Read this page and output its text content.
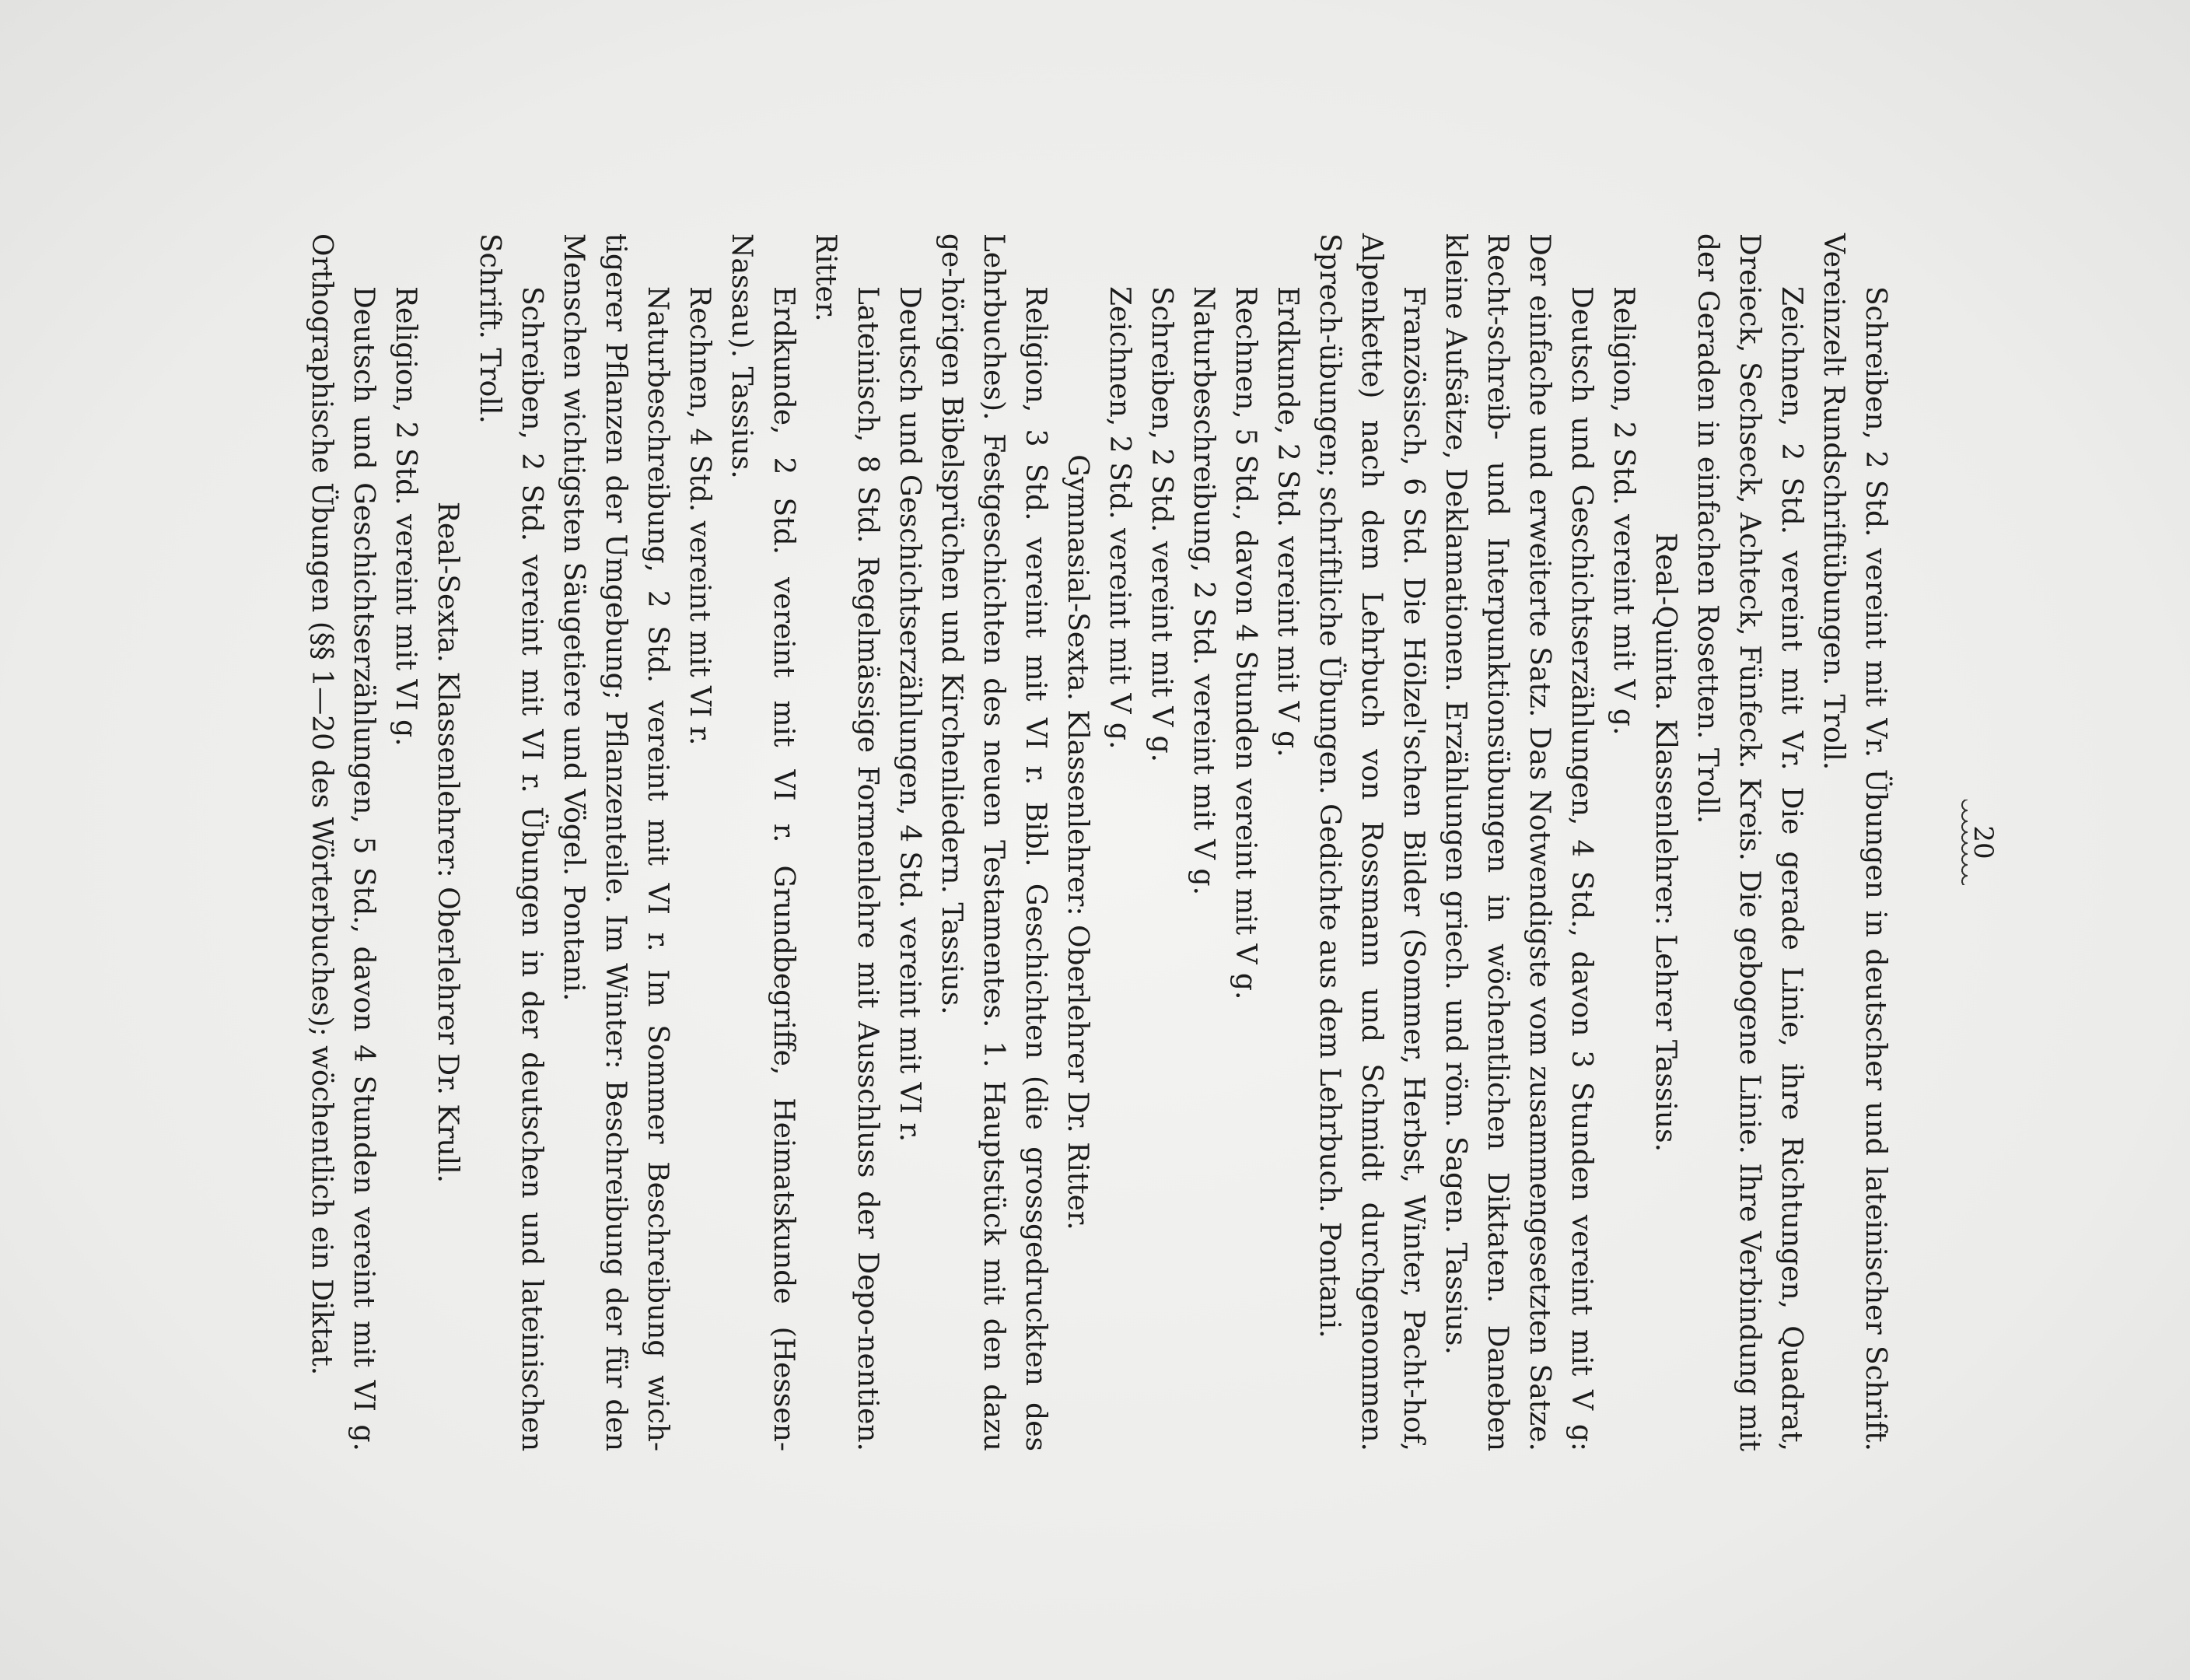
20

Schreiben, 2 Std. vereint mit Vr. Übungen in deutscher und lateinischer Schrift. Vereinzelt Rundschriftübungen. Troll.

Zeichnen, 2 Std. vereint mit Vr. Die gerade Linie, ihre Richtungen, Quadrat, Dreieck, Sechseck, Achteck, Fünfeck. Kreis. Die gebogene Linie. Ihre Verbindung mit der Geraden in einfachen Rosetten. Troll.

Real-Quinta. Klassenlehrer: Lehrer Tassius.

Religion, 2 Std. vereint mit V g.

Deutsch und Geschichtserzählungen, 4 Std., davon 3 Stunden vereint mit V g: Der einfache und erweiterte Satz. Das Notwendigste vom zusammengesetzten Satze. Recht-schreib- und Interpunktionsübungen in wöchentlichen Diktaten. Daneben kleine Aufsätze, Deklamationen. Erzählungen griech. und röm. Sagen. Tassius.

Französisch, 6 Std. Die Hölzel'schen Bilder (Sommer, Herbst, Winter, Pacht-hof, Alpenkette) nach dem Lehrbuch von Rossmann und Schmidt durchgenommen. Sprech-übungen; schriftliche Übungen. Gedichte aus dem Lehrbuch. Pontani.

Erdkunde, 2 Std. vereint mit V g.

Rechnen, 5 Std., davon 4 Stunden vereint mit V g.

Naturbeschreibung, 2 Std. vereint mit V g.

Schreiben, 2 Std. vereint mit V g.

Zeichnen, 2 Std. vereint mit V g.

Gymnasial-Sexta. Klassenlehrer: Oberlehrer Dr. Ritter.

Religion, 3 Std. vereint mit VI r. Bibl. Geschichten (die grossgedruckten des Lehrbuches). Festgeschichten des neuen Testamentes. 1. Hauptstück mit den dazu ge-hörigen Bibelsprüchen und Kirchenliedern. Tassius.

Deutsch und Geschichtserzählungen, 4 Std. vereint mit VI r.

Lateinisch, 8 Std. Regelmässige Formenlehre mit Ausschluss der Depo-nentien. Ritter.

Erdkunde, 2 Std. vereint mit VI r. Grundbegriffe, Heimatskunde (Hessen-Nassau). Tassius.

Rechnen, 4 Std. vereint mit VI r.

Naturbeschreibung, 2 Std. vereint mit VI r. Im Sommer Beschreibung wich-tigerer Pflanzen der Umgebung; Pflanzenteile. Im Winter: Beschreibung der für den Menschen wichtigsten Säugetiere und Vögel. Pontani.

Schreiben, 2 Std. vereint mit VI r. Übungen in der deutschen und lateinischen Schrift. Troll.

Real-Sexta. Klassenlehrer: Oberlehrer Dr. Krull.

Religion, 2 Std. vereint mit VI g.

Deutsch und Geschichtserzählungen, 5 Std., davon 4 Stunden vereint mit VI g. Orthographische Übungen (§§ 1—20 des Wörterbuches); wöchentlich ein Diktat.
